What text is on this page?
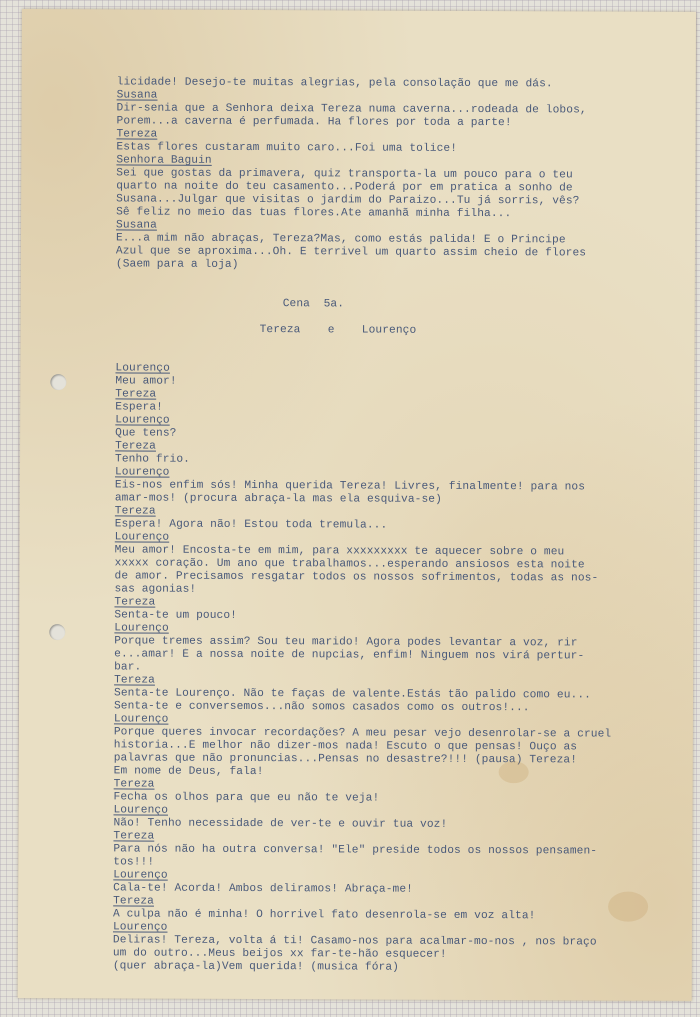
licidade! Desejo-te muitas alegrias, pela consolação que me dás.
Susana
Dir-senia que a Senhora deixa Tereza numa caverna...rodeada de lobos,
Porem...a caverna é perfumada. Ha flores por toda a parte!
Tereza
Estas flores custaram muito caro...Foi uma tolice!
Senhora Baguin
Sei que gostas da primavera, quiz transporta-la um pouco para o teu
quarto na noite do teu casamento...Poderá por em pratica a sonho de
Susana...Julgar que visitas o jardim do Paraizo...Tu já sorris, vês?
Sê feliz no meio das tuas flores.Ate amanhã minha filha...
Susana
E...a mim não abraças, Tereza?Mas, como estás palida! É o Principe
Azul que se aproxima...Oh. É terrivel um quarto assim cheio de flores
(Saem para a loja)
Cena  5a.
Tereza    e    Lourenço
Lourenço
Meu amor!
Tereza
Espera!
Lourenço
Que tens?
Tereza
Tenho frio.
Lourenço
Eis-nos enfim sós! Minha querida Tereza! Livres, finalmente! para nos
amar-mos! (procura abraça-la mas ela esquiva-se)
Tereza
Espera! Agora não! Estou toda tremula...
Lourenço
Meu amor! Encosta-te em mim, para xxxxxxxxx te aquecer sobre o meu
xxxxx coração. Um ano que trabalhamos...esperando ansiosos esta noite
de amor. Precisamos resgatar todos os nossos sofrimentos, todas as nos-
sas agonias!
Tereza
Senta-te um pouco!
Lourenço
Porque tremes assim? Sou teu marido! Agora podes levantar a voz, rir
e...amar! É a nossa noite de nupcias, enfim! Ninguem nos virá pertur-
bar.
Tereza
Senta-te Lourenço. Não te faças de valente.Estás tão palido como eu...
Senta-te e conversemos...não somos casados como os outros!...
Lourenço
Porque queres invocar recordações? A meu pesar vejo desenrolar-se a cruel
historia...É melhor não dizer-mos nada! Escuto o que pensas! Ouço as
palavras que não pronuncias...Pensas no desastre?!!! (pausa) Tereza!
Em nome de Deus, fala!
Tereza
Fecha os olhos para que eu não te veja!
Lourenço
Não! Tenho necessidade de ver-te e ouvir tua voz!
Tereza
Para nós não ha outra conversa! "Ele" preside todos os nossos pensamen-
tos!!!
Lourenço
Cala-te! Acorda! Ambos deliramos! Abraça-me!
Tereza
A culpa não é minha! O horrivel fato desenrola-se em voz alta!
Lourenço
Deliras! Tereza, volta á ti! Casamo-nos para acalmar-mo-nos , nos braço
um do outro...Meus beijos xx far-te-hão esquecer!
(quer abraça-la)Vem querida! (musica fóra)
